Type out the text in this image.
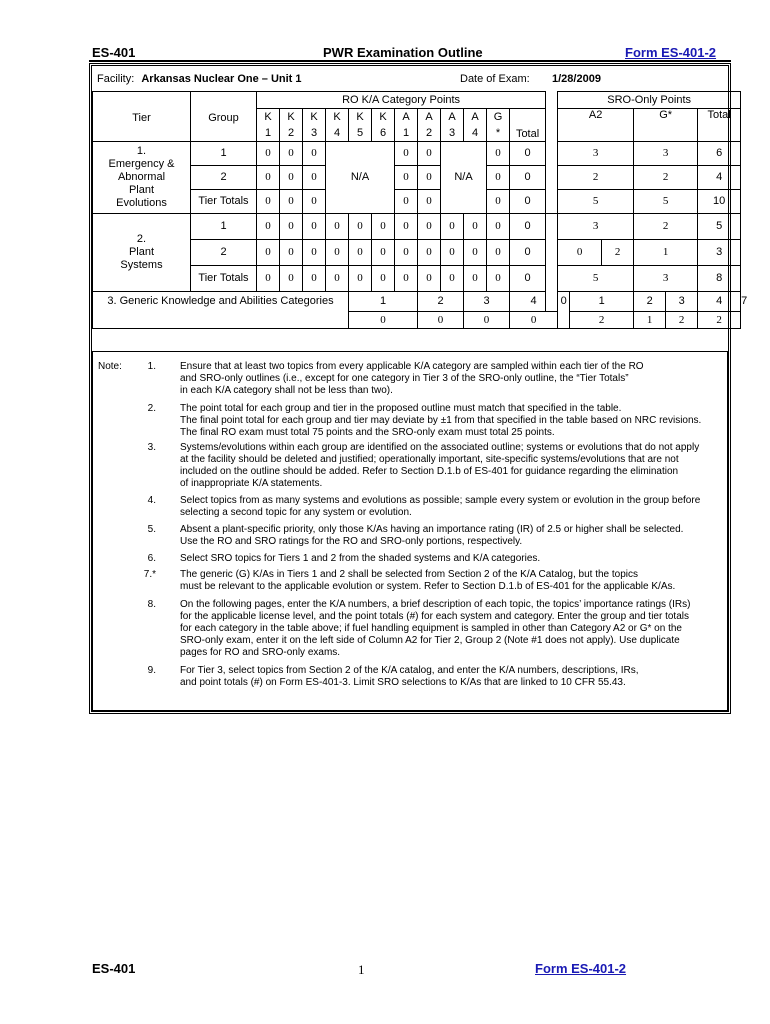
ES-401	PWR Examination Outline	Form ES-401-2
Facility: Arkansas Nuclear One – Unit 1	Date of Exam: 1/28/2009
Tier	Group	RO K/A Category Points													SRO-Only Points						
		K	K	K	K	K	K	A	A	A	A	G	Total		A2			G*		Total	
		1	2	3	4	5	6	1	2	3	4	*									
1.
Emergency &
Abnormal
Plant
Evolutions	1	0	0	0	N/A			0	0	N/A		0	0		3			3		6	
	2	0	0	0				0	0			0	0		2			2		4	
	Tier Totals	0	0	0				0	0			0	0		5			5		10	
2.
Plant
Systems	1	0	0	0	0	0	0	0	0	0	0	0	0		3			2		5	
	2	0	0	0	0	0	0	0	0	0	0	0	0		0		2	1		3	
	Tier Totals	0	0	0	0	0	0	0	0	0	0	0	0		5			3		8	
3. Generic Knowledge and Abilities Categories						1			2		3		4		0	1		2	3	4	7
						0			0		0		0			2		1	2	2	
Note:	1. Ensure that at least two topics from every applicable K/A category are sampled within each tier of the RO
and SRO-only outlines (i.e., except for one category in Tier 3 of the SRO-only outline, the “Tier Totals”
in each K/A category shall not be less than two).
2. The point total for each group and tier in the proposed outline must match that specified in the table.
The final point total for each group and tier may deviate by ±1 from that specified in the table based on NRC revisions.
The final RO exam must total 75 points and the SRO-only exam must total 25 points.
3. Systems/evolutions within each group are identified on the associated outline; systems or evolutions that do not apply
at the facility should be deleted and justified; operationally important, site-specific systems/evolutions that are not
included on the outline should be added. Refer to Section D.1.b of ES-401 for guidance regarding the elimination
of inappropriate K/A statements.
4. Select topics from as many systems and evolutions as possible; sample every system or evolution in the group before
selecting a second topic for any system or evolution.
5. Absent a plant-specific priority, only those K/As having an importance rating (IR) of 2.5 or higher shall be selected.
Use the RO and SRO ratings for the RO and SRO-only portions, respectively.
6. Select SRO topics for Tiers 1 and 2 from the shaded systems and K/A categories.
7.* The generic (G) K/As in Tiers 1 and 2 shall be selected from Section 2 of the K/A Catalog, but the topics
must be relevant to the applicable evolution or system. Refer to Section D.1.b of ES-401 for the applicable K/As.
8. On the following pages, enter the K/A numbers, a brief description of each topic, the topics’ importance ratings (IRs)
for the applicable license level, and the point totals (#) for each system and category. Enter the group and tier totals
for each category in the table above; if fuel handling equipment is sampled in other than Category A2 or G* on the
SRO-only exam, enter it on the left side of Column A2 for Tier 2, Group 2 (Note #1 does not apply). Use duplicate
pages for RO and SRO-only exams.
9. For Tier 3, select topics from Section 2 of the K/A catalog, and enter the K/A numbers, descriptions, IRs,
and point totals (#) on Form ES-401-3. Limit SRO selections to K/As that are linked to 10 CFR 55.43.
ES-401	1	Form ES-401-2
